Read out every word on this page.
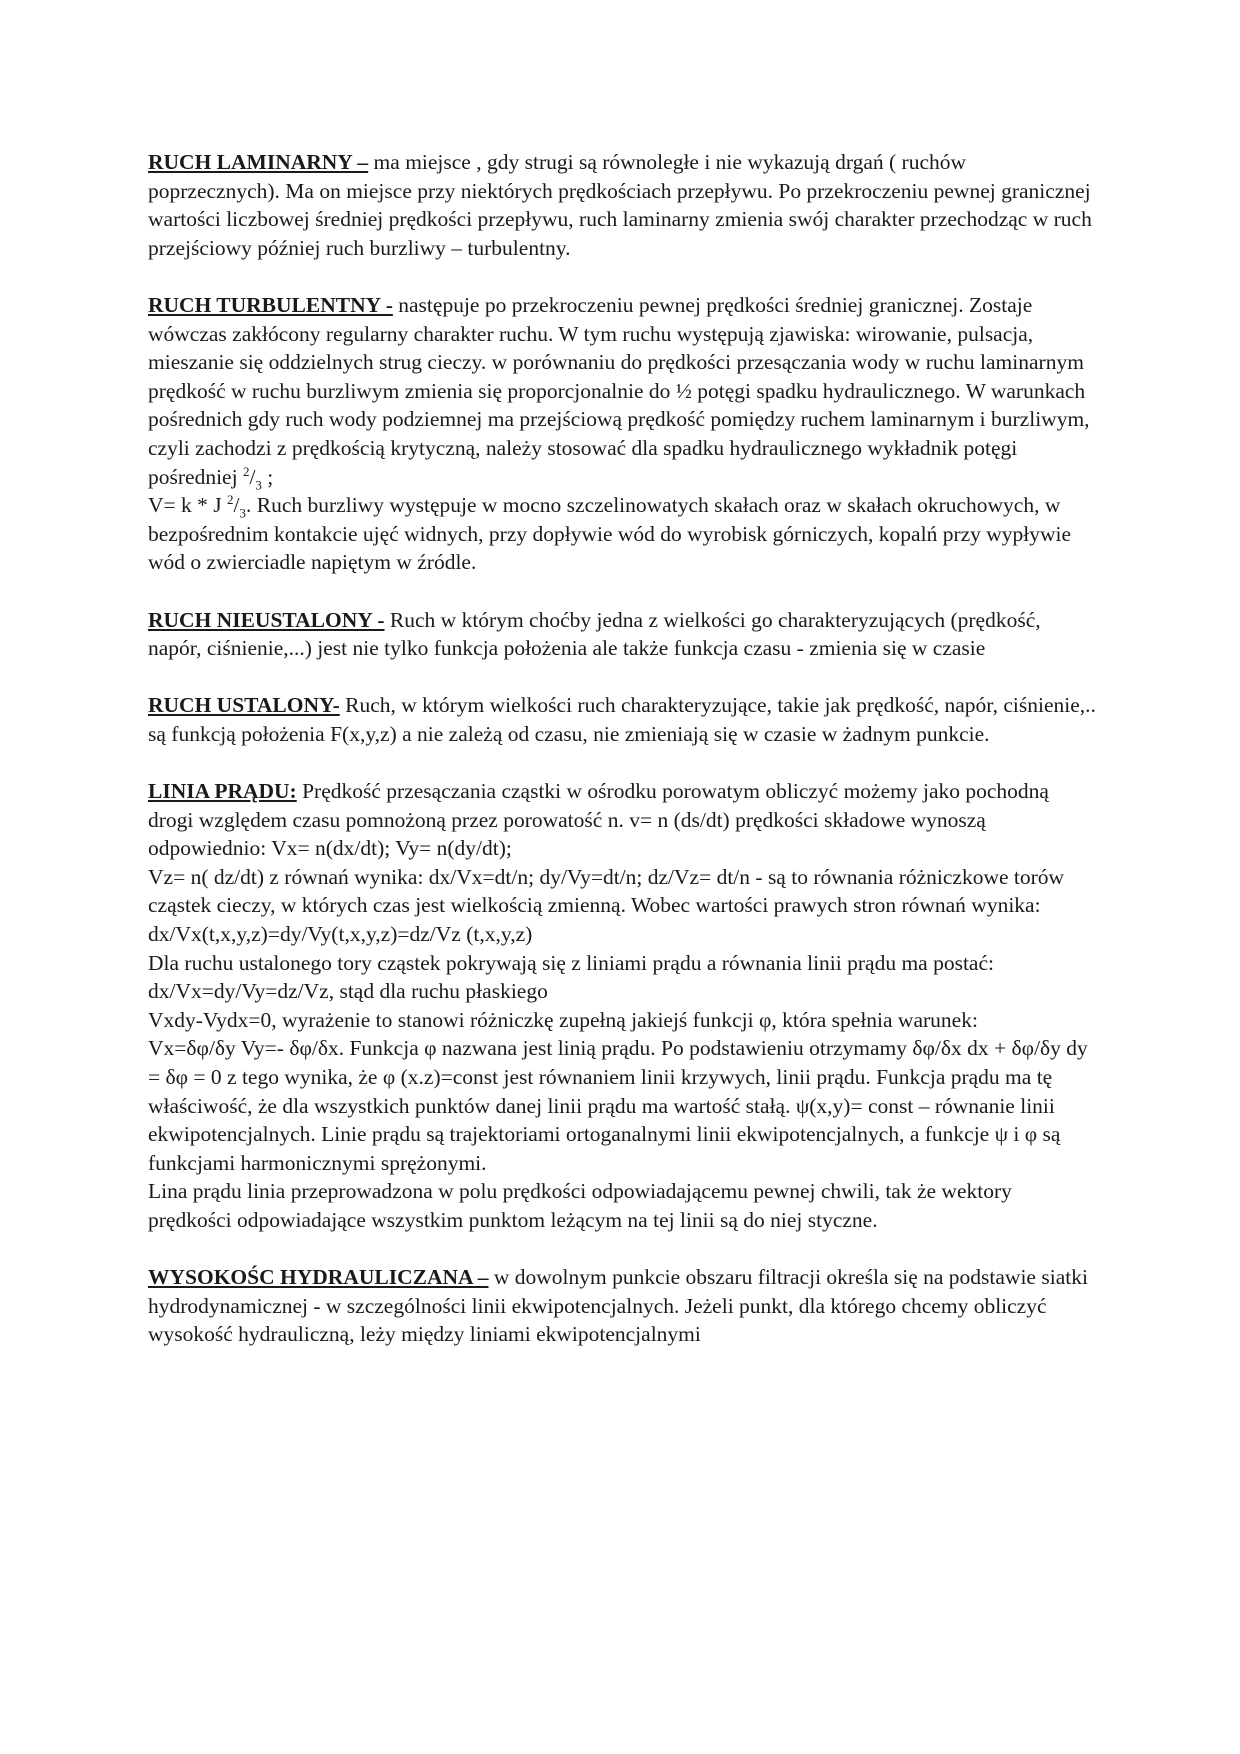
RUCH LAMINARNY – ma miejsce , gdy strugi są równoległe i nie wykazują drgań ( ruchów poprzecznych). Ma on miejsce przy niektórych prędkościach przepływu. Po przekroczeniu pewnej granicznej wartości liczbowej średniej prędkości przepływu, ruch laminarny zmienia swój charakter przechodząc w ruch przejściowy później ruch burzliwy – turbulentny.

RUCH TURBULENTNY - następuje po przekroczeniu pewnej prędkości średniej granicznej. Zostaje wówczas zakłócony regularny charakter ruchu. W tym ruchu występują zjawiska: wirowanie, pulsacja, mieszanie się oddzielnych strug cieczy. w porównaniu do prędkości przesączania wody w ruchu laminarnym prędkość w ruchu burzliwym zmienia się proporcjonalnie do ½ potęgi spadku hydraulicznego. W warunkach pośrednich gdy ruch wody podziemnej ma przejściową prędkość pomiędzy ruchem laminarnym i burzliwym, czyli zachodzi z prędkością krytyczną, należy stosować dla spadku hydraulicznego wykładnik potęgi pośredniej $^2/_3$ ;

V= k * J $^2/_3$. Ruch burzliwy występuje w mocno szczelinowatych skałach oraz w skałach okruchowych, w bezpośrednim kontakcie ujęć widnych, przy dopływie wód do wyrobisk górniczych, kopalń przy wypływie wód o zwierciadle napiętym w źródle.

RUCH NIEUSTALONY - Ruch w którym choćby jedna z wielkości go charakteryzujących (prędkość, napór, ciśnienie,...) jest nie tylko funkcja położenia ale także funkcja czasu - zmienia się w czasie

RUCH USTALONY- Ruch, w którym wielkości ruch charakteryzujące, takie jak prędkość, napór, ciśnienie,.. są funkcją położenia F(x,y,z) a nie zależą od czasu, nie zmieniają się w czasie w żadnym punkcie.

LINIA PRĄDU: Prędkość przesączania cząstki w ośrodku porowatym obliczyć możemy jako pochodną drogi względem czasu pomnożoną przez porowatość n. v= n (ds/dt) prędkości składowe wynoszą odpowiednio: Vx= n(dx/dt); Vy= n(dy/dt);

Vz= n( dz/dt) z równań wynika: dx/Vx=dt/n; dy/Vy=dt/n; dz/Vz= dt/n - są to równania różniczkowe torów cząstek cieczy, w których czas jest wielkością zmienną. Wobec wartości prawych stron równań wynika:

dx/Vx(t,x,y,z)=dy/Vy(t,x,y,z)=dz/Vz (t,x,y,z)

Dla ruchu ustalonego tory cząstek pokrywają się z liniami prądu a równania linii prądu ma postać:

dx/Vx=dy/Vy=dz/Vz, stąd dla ruchu płaskiego

Vxdy-Vydx=0, wyrażenie to stanowi różniczkę zupełną jakiejś funkcji φ, która spełnia warunek:

Vx=δφ/δy Vy=- δφ/δx. Funkcja φ nazwana jest linią prądu. Po podstawieniu otrzymamy δφ/δx dx + δφ/δy dy = δφ = 0 z tego wynika, że φ (x.z)=const jest równaniem linii krzywych, linii prądu. Funkcja prądu ma tę właściwość, że dla wszystkich punktów danej linii prądu ma wartość stałą. ψ(x,y)= const – równanie linii ekwipotencjalnych. Linie prądu są trajektoriami ortoganalnymi linii ekwipotencjalnych, a funkcje ψ i φ są funkcjami harmonicznymi sprężonymi.

Lina prądu linia przeprowadzona w polu prędkości odpowiadającemu pewnej chwili, tak że wektory prędkości odpowiadające wszystkim punktom leżącym na tej linii są do niej styczne.

WYSOKOŚC HYDRAULICZANA – w dowolnym punkcie obszaru filtracji określa się na podstawie siatki hydrodynamicznej - w szczególności linii ekwipotencjalnych. Jeżeli punkt, dla którego chcemy obliczyć wysokość hydrauliczną, leży między liniami ekwipotencjalnymi
